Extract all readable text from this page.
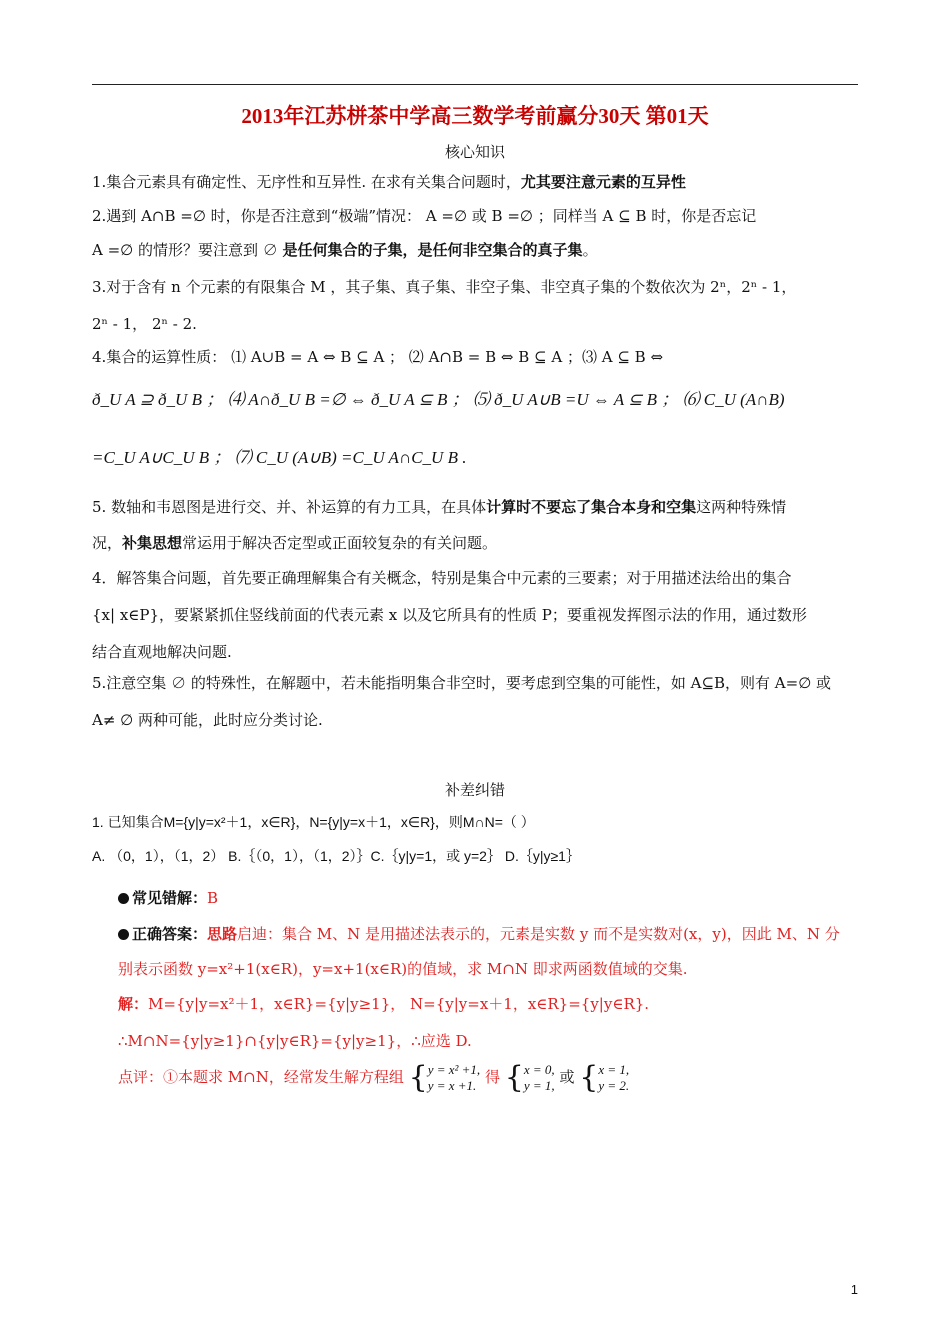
2013年江苏栟茶中学高三数学考前赢分30天 第01天
核心知识
1.集合元素具有确定性、无序性和互异性. 在求有关集合问题时，尤其要注意元素的互异性
2.遇到 A∩B =∅ 时，你是否注意到“极端”情况： A =∅ 或 B =∅ ；同样当 A ⊆ B 时，你是否忘记
A =∅ 的情形？要注意到 ∅ 是任何集合的子集，是任何非空集合的真子集。
3.对于含有 n 个元素的有限集合 M ，其子集、真子集、非空子集、非空真子集的个数依次为 2ⁿ，2ⁿ - 1，
2ⁿ - 1， 2ⁿ - 2.
4.集合的运算性质： ⑴ A∪B = A ⇔ B ⊆ A ； ⑵ A∩B = B ⇔ B ⊆ A ；⑶ A ⊆ B ⇔
ð_U A ⊇ ð_U B ； ⑷ A∩ð_U B =∅ ⇔ ð_U A ⊆ B ； ⑸ ð_U A∪B =U ⇔ A ⊆ B ； ⑹ C_U (A∩B)
=C_U A∪C_U B ； ⑺ C_U (A∪B) =C_U A∩C_U B .
5. 数轴和韦恩图是进行交、并、补运算的有力工具，在具体计算时不要忘了集合本身和空集这两种特殊情
况，补集思想常运用于解决否定型或正面较复杂的有关问题。
4．解答集合问题，首先要正确理解集合有关概念，特别是集合中元素的三要素；对于用描述法给出的集合
{x| x∈P}，要紧紧抓住竖线前面的代表元素 x 以及它所具有的性质 P；要重视发挥图示法的作用，通过数形
结合直观地解决问题.
5.注意空集 ∅ 的特殊性，在解题中，若未能指明集合非空时，要考虑到空集的可能性，如 A⊆B，则有 A=∅ 或
A≠ ∅ 两种可能，此时应分类讨论.
补差纠错
1. 已知集合M={y|y=x²＋1，x∈R}，N={y|y=x＋1，x∈R}，则M∩N=（ ）
A. （0，1），（1，2） B.｛（0，1），（1，2）｝C.｛y|y=1，或 y=2｝ D.｛y|y≥1｝
常见错解：B
正确答案：思路启迪：集合 M、N 是用描述法表示的，元素是实数 y 而不是实数对(x，y)，因此 M、N 分
别表示函数 y=x²+1(x∈R)，y=x+1(x∈R)的值域，求 M∩N 即求两函数值域的交集.
解：M={y|y=x²＋1，x∈R}={y|y≥1}， N={y|y=x＋1，x∈R}={y|y∈R}.
∴M∩N={y|y≥1}∩{y|y∈R}={y|y≥1}，∴应选 D.
点评：①本题求 M∩N，经常发生解方程组 {y = x² +1,
y = x +1. 得 {x = 0,
y = 1, 或 {x = 1,
y = 2.
1
